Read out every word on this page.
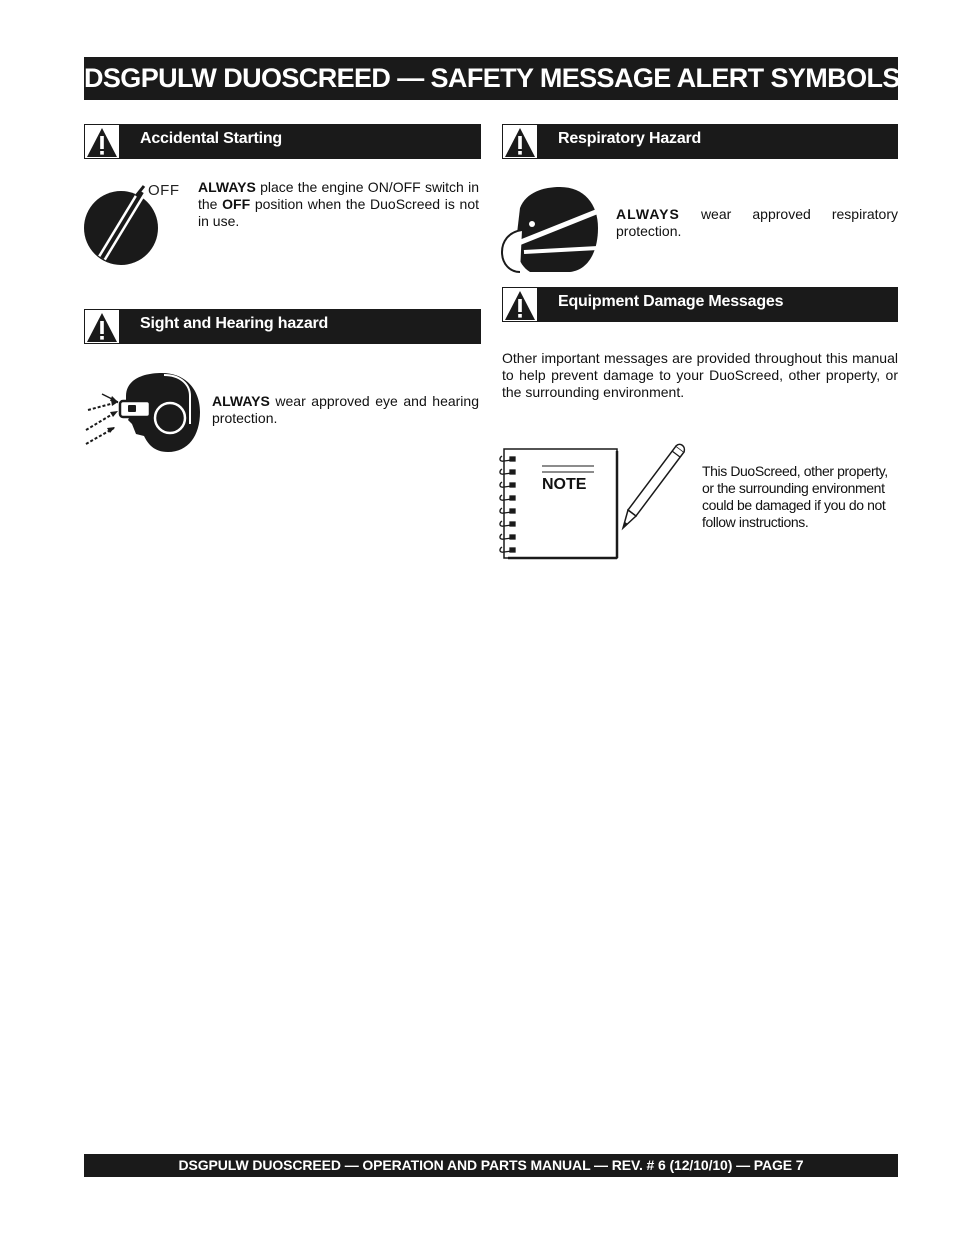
DSGPULW DUOSCREED — SAFETY MESSAGE ALERT SYMBOLS
Accidental Starting
OFF ALWAYS place the engine ON/OFF switch in the OFF position when the DuoScreed is not in use.
Sight and Hearing hazard
ALWAYS wear approved eye and hearing protection.
Respiratory Hazard
ALWAYS wear approved respiratory protection.
Equipment Damage Messages
Other important messages are provided throughout this manual to help prevent damage to your DuoScreed, other property, or the surrounding environment.
NOTE
This DuoScreed, other property, or the surrounding environment could be damaged if you do not follow instructions.
DSGPULW DUOSCREED — OPERATION AND PARTS MANUAL — REV. # 6 (12/10/10) — PAGE 7
